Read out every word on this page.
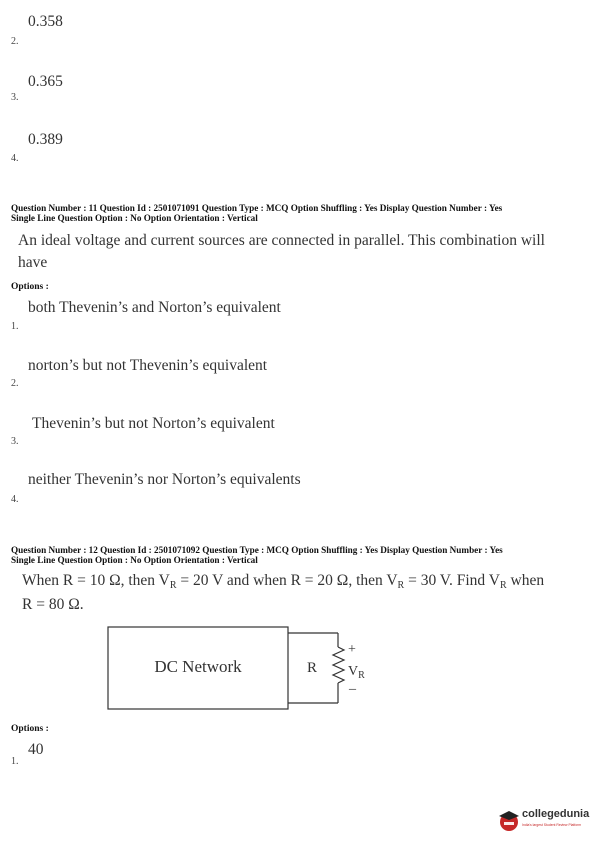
0.358
2.
0.365
3.
0.389
4.
Question Number : 11 Question Id : 2501071091 Question Type : MCQ Option Shuffling : Yes Display Question Number : Yes
Single Line Question Option : No Option Orientation : Vertical
An ideal voltage and current sources are connected in parallel. This combination will
have
Options :
both Thevenin’s and Norton’s equivalent
1.
norton’s but not Thevenin’s equivalent
2.
Thevenin’s but not Norton’s equivalent
3.
neither Thevenin’s nor Norton’s equivalents
4.
Question Number : 12 Question Id : 2501071092 Question Type : MCQ Option Shuffling : Yes Display Question Number : Yes
Single Line Question Option : No Option Orientation : Vertical
When R = 10 Ω, then VR = 20 V and when R = 20 Ω, then VR = 30 V. Find VR when
R = 80 Ω.
DC Network	R
+
$V_R$
_
Options :
40
1.
collegedunia
India's largest Student Review Platform
